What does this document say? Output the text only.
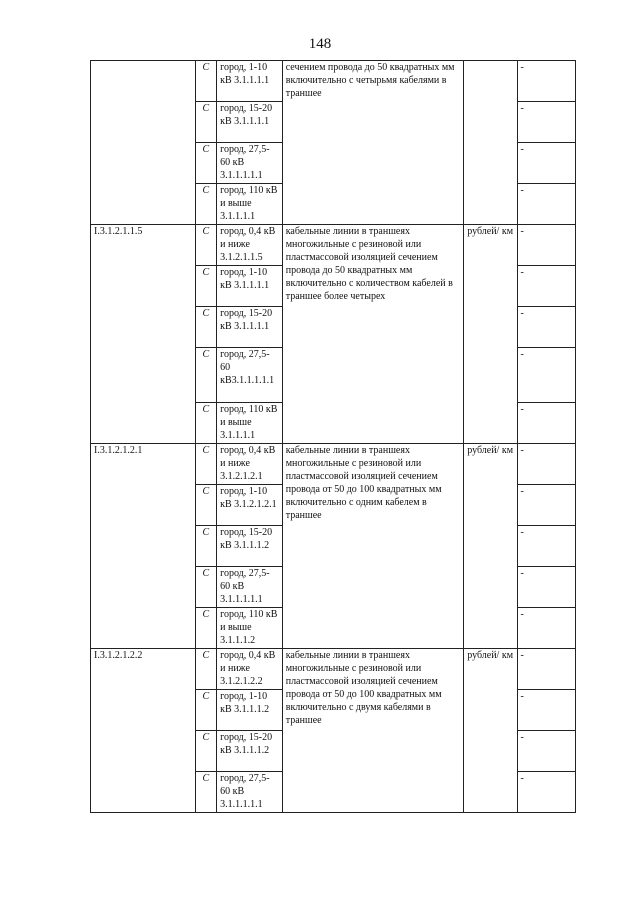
148
	С	город, 1-10 кВ 3.1.1.1.1	сечением провода до 50 квадратных мм включительно с четырьмя кабелями в траншее		-
	С	город, 15-20 кВ 3.1.1.1.1			-
	С	город, 27,5-60 кВ 3.1.1.1.1.1			-
	С	город, 110 кВ и выше 3.1.1.1.1			-
I.3.1.2.1.1.5	С	город, 0,4 кВ и ниже 3.1.2.1.1.5	кабельные линии в траншеях многожильные с резиновой или пластмассовой изоляцией сечением провода до 50 квадратных мм включительно с количеством кабелей в траншее более четырех	рублей/ км	-
	С	город, 1-10 кВ 3.1.1.1.1			-
	С	город, 15-20 кВ 3.1.1.1.1			-
	С	город, 27,5-60 кВ3.1.1.1.1.1			-
	С	город, 110 кВ и выше 3.1.1.1.1			-
I.3.1.2.1.2.1	С	город, 0,4 кВ и ниже 3.1.2.1.2.1	кабельные линии в траншеях многожильные с резиновой или пластмассовой изоляцией сечением провода от 50 до 100 квадратных мм включительно с одним кабелем в траншее	рублей/ км	-
	С	город, 1-10 кВ 3.1.2.1.2.1			-
	С	город, 15-20 кВ 3.1.1.1.2			-
	С	город, 27,5-60 кВ 3.1.1.1.1.1			-
	С	город, 110 кВ и выше 3.1.1.1.2			-
I.3.1.2.1.2.2	С	город, 0,4 кВ и ниже 3.1.2.1.2.2	кабельные линии в траншеях многожильные с резиновой или пластмассовой изоляцией сечением провода от 50 до 100 квадратных мм включительно с двумя кабелями в траншее	рублей/ км	-
	С	город, 1-10 кВ 3.1.1.1.2			-
	С	город, 15-20 кВ 3.1.1.1.2			-
	С	город, 27,5-60 кВ 3.1.1.1.1.1			-
